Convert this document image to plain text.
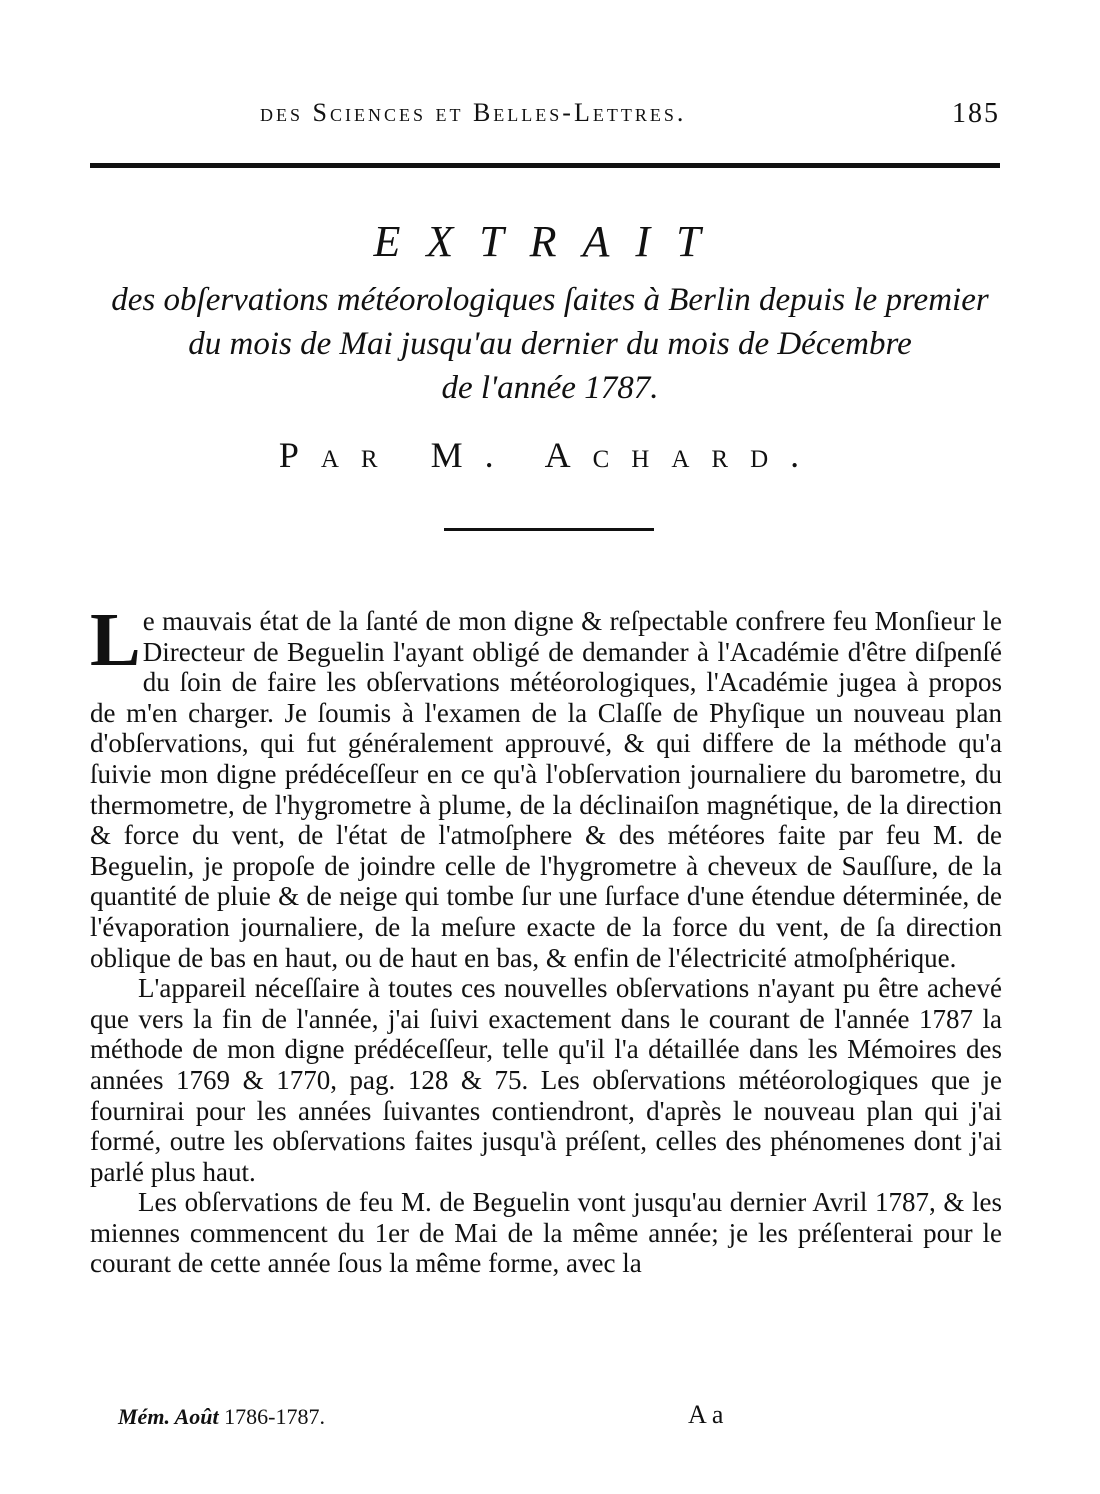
des Sciences et Belles-Lettres.	185
EXTRAIT
des obſervations météorologiques ſaites à Berlin depuis le premier
du mois de Mai jusqu'au dernier du mois de Décembre
de l'année 1787.
Par M. Achard.

Le mauvais état de la ſanté de mon digne & reſpectable confrere feu Monſieur le Directeur de Beguelin l'ayant obligé de demander à l'Académie d'être diſpenſé du ſoin de faire les obſervations météorologiques, l'Académie jugea à propos de m'en charger. Je ſoumis à l'examen de la Claſſe de Phyſique un nouveau plan d'obſervations, qui fut généralement approuvé, & qui differe de la méthode qu'a ſuivie mon digne prédéceſſeur en ce qu'à l'obſervation journaliere du barometre, du thermometre, de l'hygrometre à plume, de la déclinaiſon magnétique, de la direction & force du vent, de l'état de l'atmoſphere & des météores faite par feu M. de Beguelin, je propoſe de joindre celle de l'hygrometre à cheveux de Sauſſure, de la quantité de pluie & de neige qui tombe ſur une ſurface d'une étendue déterminée, de l'évaporation journaliere, de la meſure exacte de la force du vent, de ſa direction oblique de bas en haut, ou de haut en bas, & enfin de l'électricité atmoſphérique.

L'appareil néceſſaire à toutes ces nouvelles obſervations n'ayant pu être achevé que vers la fin de l'année, j'ai ſuivi exactement dans le courant de l'année 1787 la méthode de mon digne prédéceſſeur, telle qu'il l'a détaillée dans les Mémoires des années 1769 & 1770, pag. 128 & 75. Les obſervations météorologiques que je fournirai pour les années ſuivantes contiendront, d'après le nouveau plan qui j'ai formé, outre les obſervations faites jusqu'à préſent, celles des phénomenes dont j'ai parlé plus haut.

Les obſervations de feu M. de Beguelin vont jusqu'au dernier Avril 1787, & les miennes commencent du 1er de Mai de la même année; je les préſenterai pour le courant de cette année ſous la même forme, avec la

Mém. Août 1786-1787.	A a
